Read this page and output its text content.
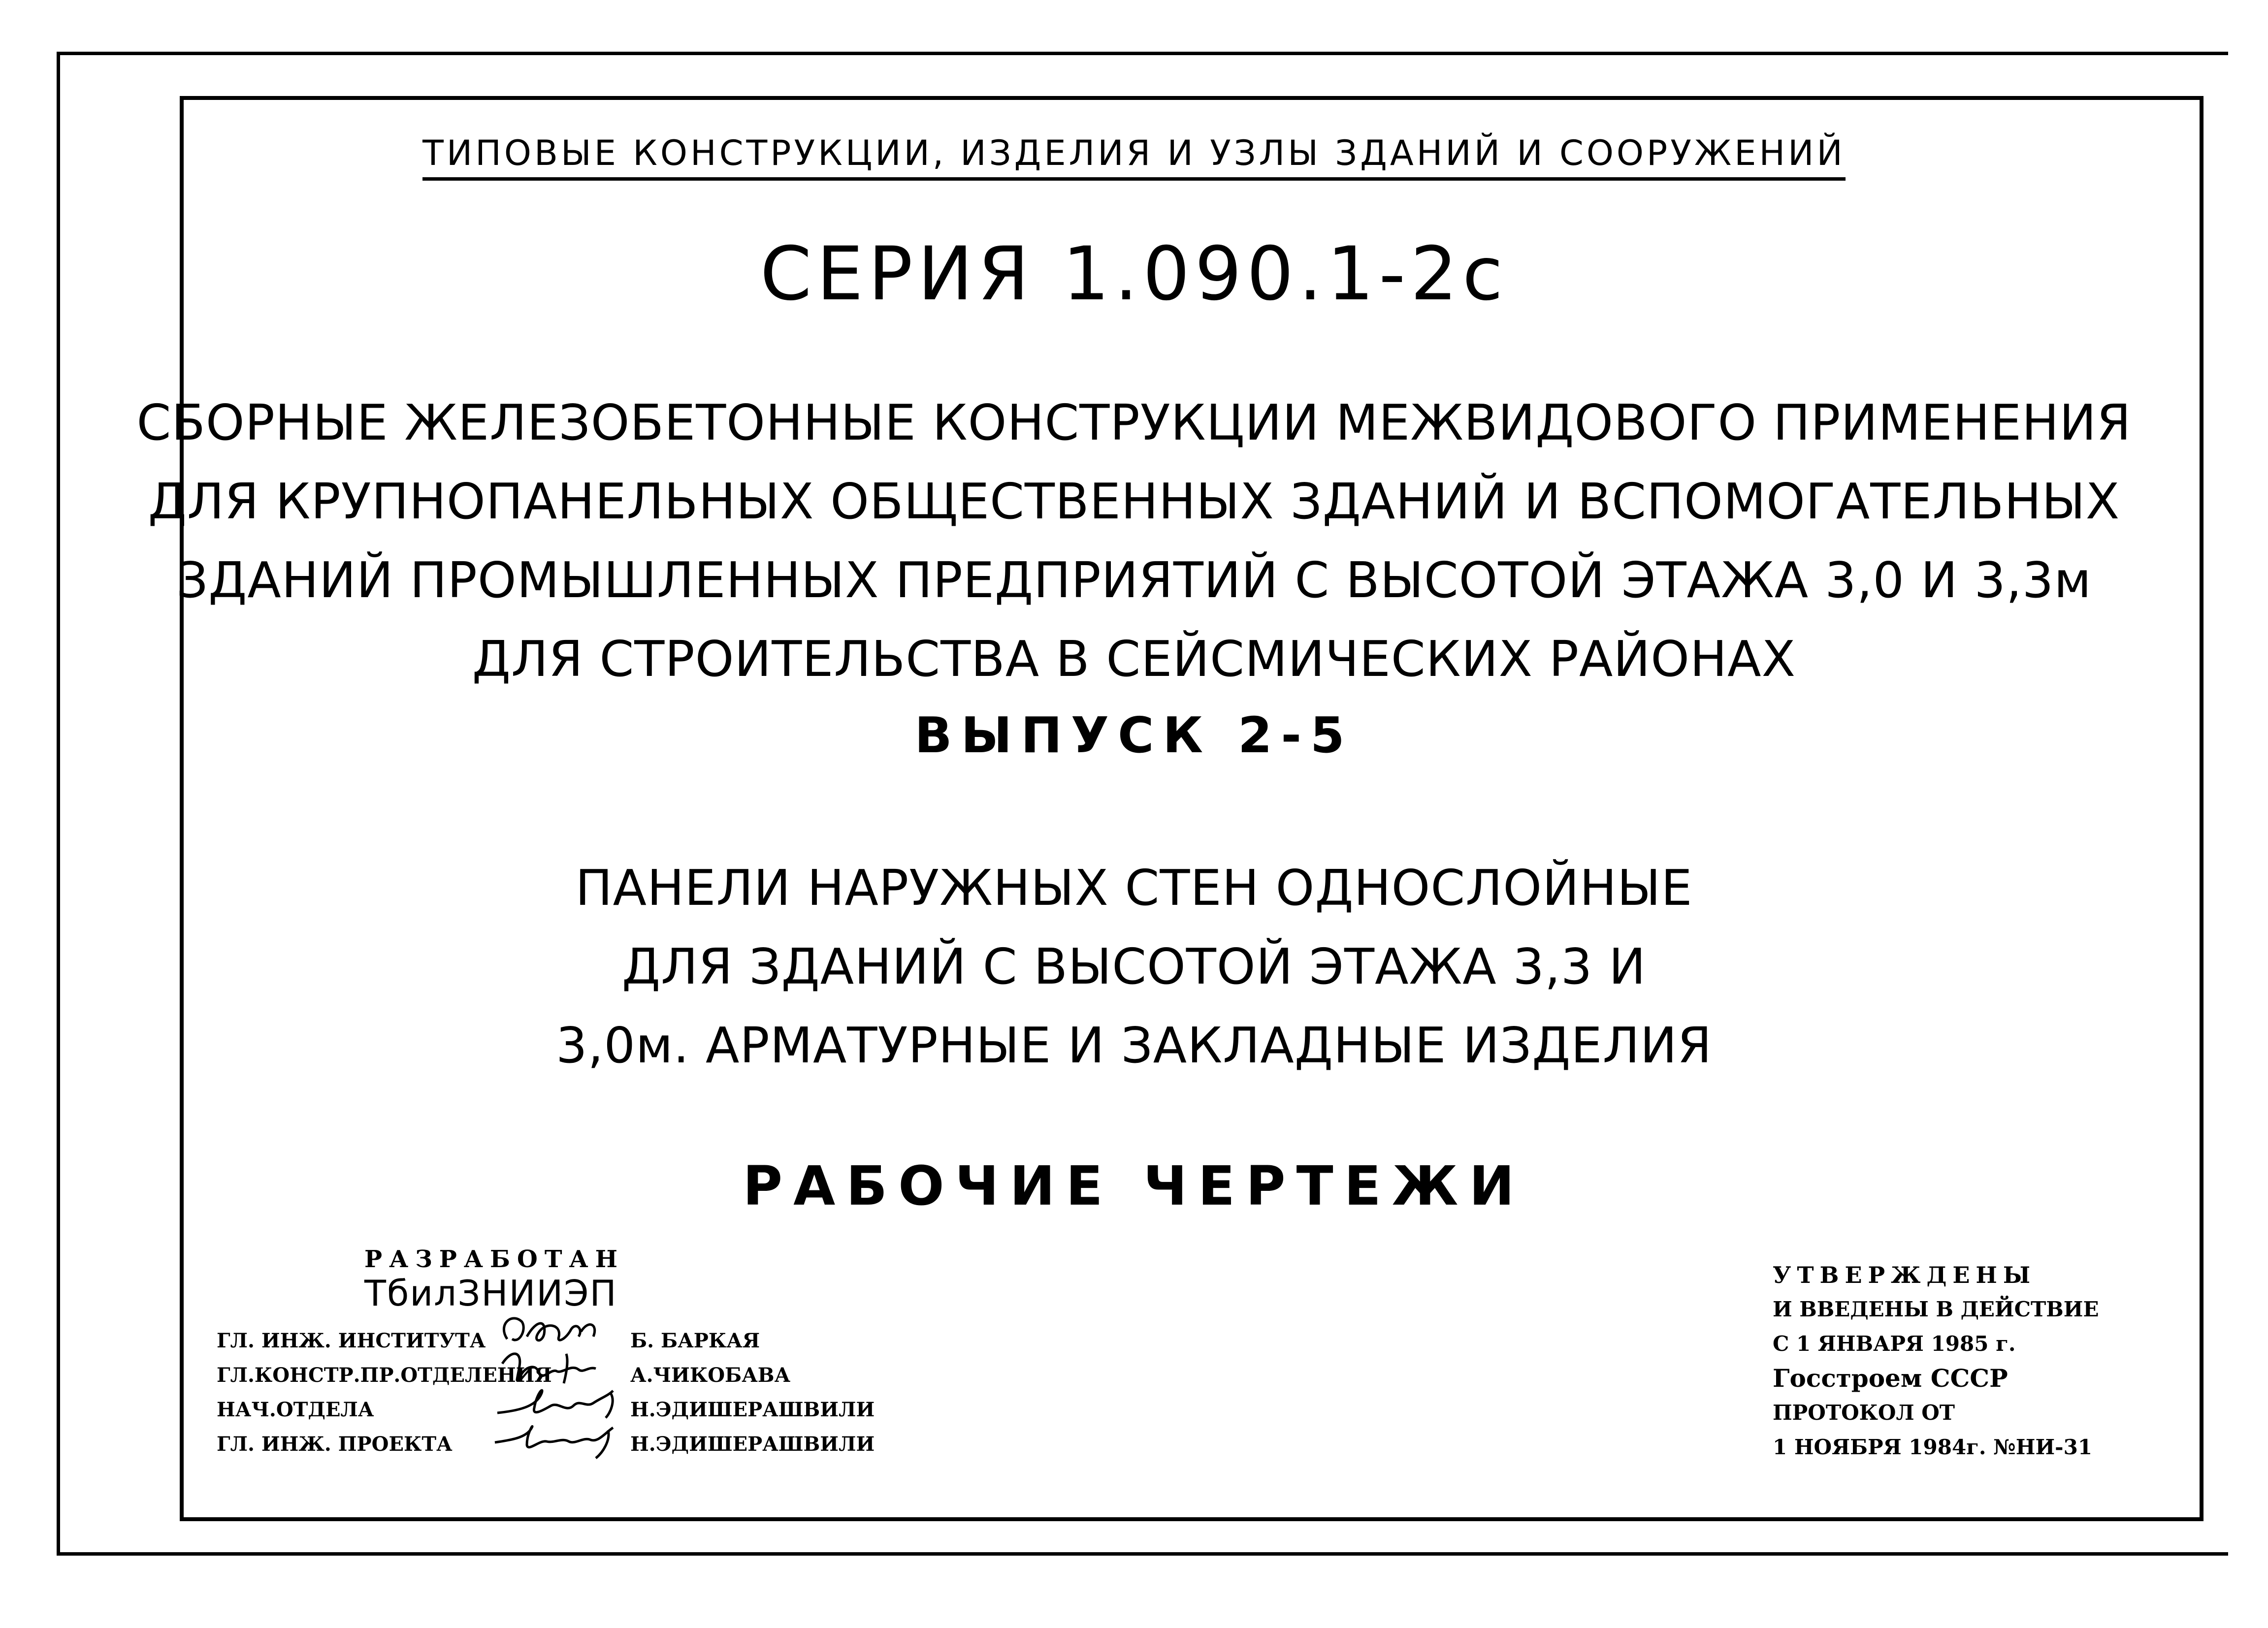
ТИПОВЫЕ КОНСТРУКЦИИ, ИЗДЕЛИЯ И УЗЛЫ ЗДАНИЙ И СООРУЖЕНИЙ
СЕРИЯ 1.090.1-2с
СБОРНЫЕ ЖЕЛЕЗОБЕТОННЫЕ КОНСТРУКЦИИ МЕЖВИДОВОГО ПРИМЕНЕНИЯ
ДЛЯ КРУПНОПАНЕЛЬНЫХ ОБЩЕСТВЕННЫХ ЗДАНИЙ И ВСПОМОГАТЕЛЬНЫХ
ЗДАНИЙ ПРОМЫШЛЕННЫХ ПРЕДПРИЯТИЙ С ВЫСОТОЙ ЭТАЖА 3,0 И 3,3м
ДЛЯ СТРОИТЕЛЬСТВА В СЕЙСМИЧЕСКИХ РАЙОНАХ
ВЫПУСК 2-5
ПАНЕЛИ НАРУЖНЫХ СТЕН ОДНОСЛОЙНЫЕ
ДЛЯ ЗДАНИЙ С ВЫСОТОЙ ЭТАЖА 3,3 И
3,0м. АРМАТУРНЫЕ И ЗАКЛАДНЫЕ ИЗДЕЛИЯ
РАБОЧИЕ ЧЕРТЕЖИ
РАЗРАБОТАН
ТбилЗНИИЭП
ГЛ. ИНЖ. ИНСТИТУТА	Б. БАРКАЯ
ГЛ.КОНСТР.ПР.ОТДЕЛЕНИЯ	А.ЧИКОБАВА
НАЧ.ОТДЕЛА	Н.ЭДИШЕРАШВИЛИ
ГЛ. ИНЖ. ПРОЕКТА	Н.ЭДИШЕРАШВИЛИ
УТВЕРЖДЕНЫ
И ВВЕДЕНЫ В ДЕЙСТВИЕ
С 1 ЯНВАРЯ 1985 г.
Госстроем СССР
ПРОТОКОЛ ОТ
1 НОЯБРЯ 1984г. №НИ-31
